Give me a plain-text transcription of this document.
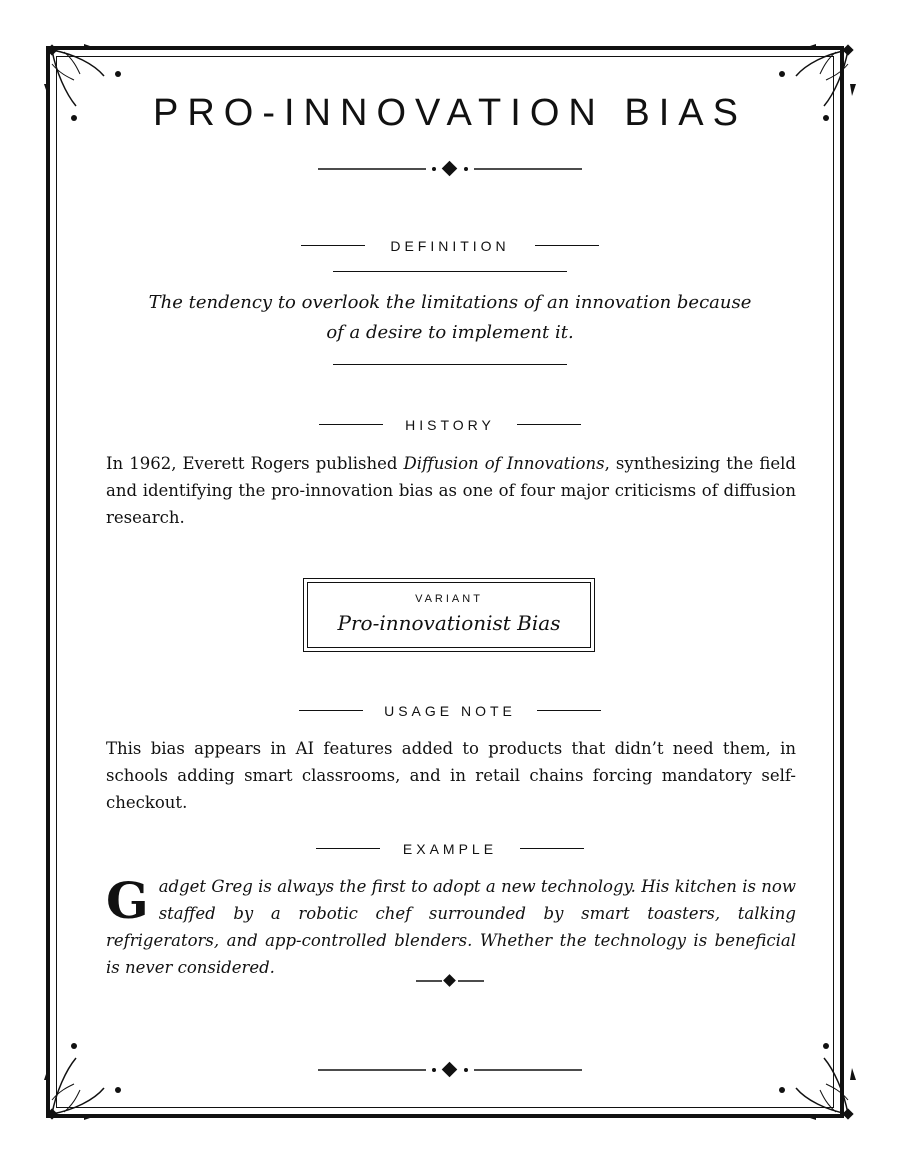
PRO-INNOVATION BIAS
DEFINITION
The tendency to overlook the limitations of an innovation because of a desire to implement it.
HISTORY
In 1962, Everett Rogers published Diffusion of Innovations, synthesizing the field and identifying the pro-innovation bias as one of four major criticisms of diffusion research.
VARIANT
Pro-innovationist Bias
USAGE NOTE
This bias appears in AI features added to products that didn’t need them, in schools adding smart classrooms, and in retail chains forcing mandatory self-checkout.
EXAMPLE
Gadget Greg is always the first to adopt a new technology. His kitchen is now staffed by a robotic chef surrounded by smart toasters, talking refrigerators, and app-controlled blenders. Whether the technology is beneficial is never considered.
